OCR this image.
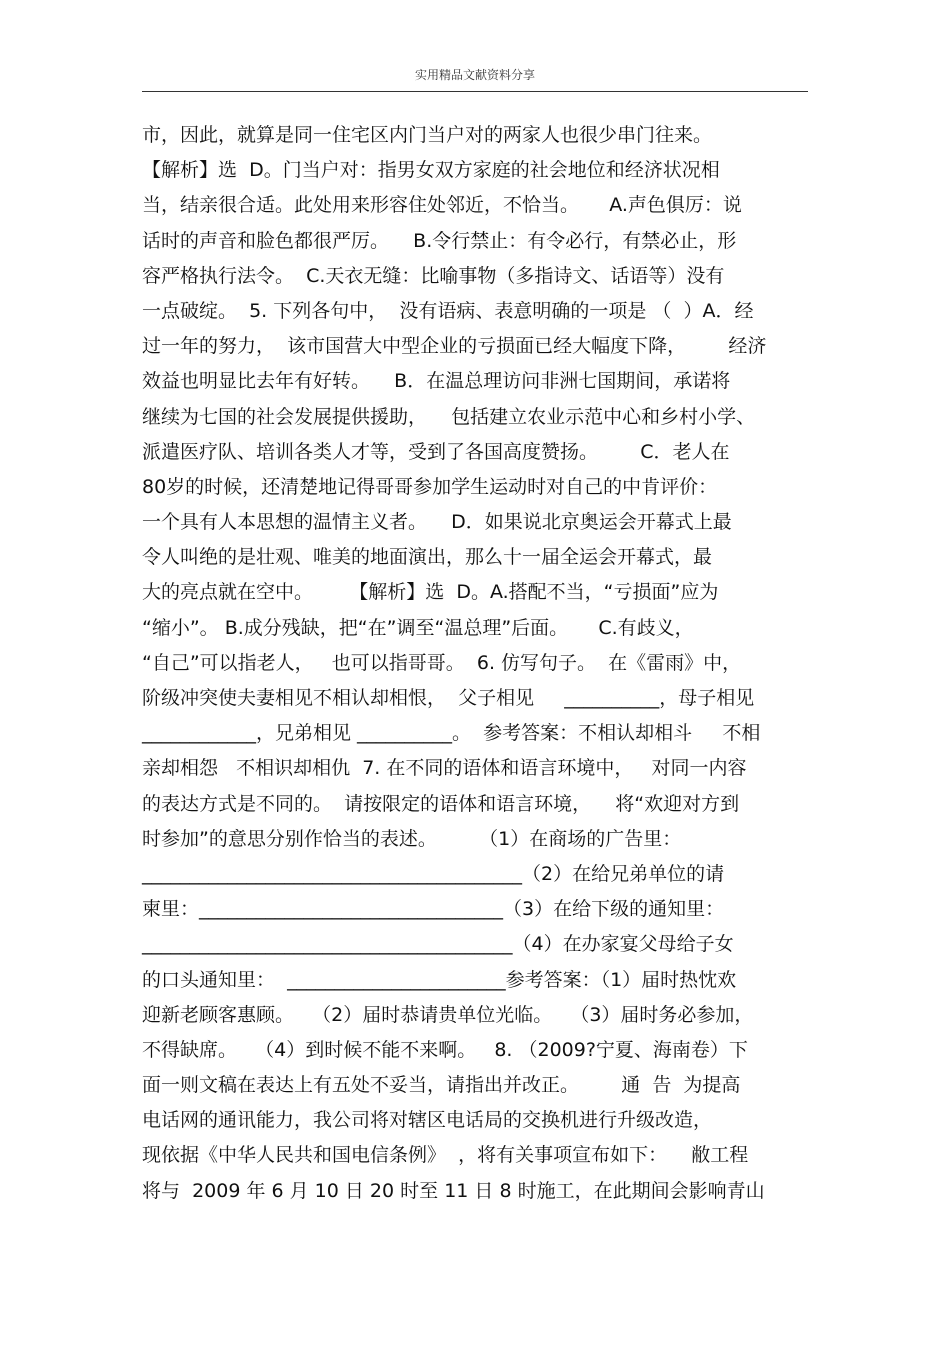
实用精品文献资料分享
市，因此，就算是同一住宅区内门当户对的两家人也很少串门往来。
【解析】选  D。门当户对：指男女双方家庭的社会地位和经济状况相
当，结亲很合适。此处用来形容住处邻近，不恰当。     A.声色俱厉：说
话时的声音和脸色都很严厉。    B.令行禁止：有令必行，有禁必止，形
容严格执行法令。  C.天衣无缝：比喻事物（多指诗文、话语等）没有
一点破绽。  5. 下列各句中，  没有语病、表意明确的一项是 （  ）A．经
过一年的努力，  该市国营大中型企业的亏损面已经大幅度下降，       经济
效益也明显比去年有好转。    B．在温总理访问非洲七国期间，承诺将
继续为七国的社会发展提供援助，    包括建立农业示范中心和乡村小学、
派遣医疗队、培训各类人才等，受到了各国高度赞扬。       C．老人在
80岁的时候，还清楚地记得哥哥参加学生运动时对自己的中肯评价：
一个具有人本思想的温情主义者。    D．如果说北京奥运会开幕式上最
令人叫绝的是壮观、唯美的地面演出，那么十一届全运会开幕式，最
大的亮点就在空中。      【解析】选  D。A.搭配不当，“亏损面”应为
“缩小”。 B.成分残缺，把“在”调至“温总理”后面。     C.有歧义，
“自己”可以指老人，   也可以指哥哥。  6. 仿写句子。  在《雷雨》中，
阶级冲突使夫妻相见不相认却相恨，  父子相见     __________，母子相见
____________，兄弟相见 __________。  参考答案：不相认却相斗     不相
亲却相怨   不相识却相仇  7. 在不同的语体和语言环境中，   对同一内容
的表达方式是不同的。  请按限定的语体和语言环境，    将“欢迎对方到
时参加”的意思分别作恰当的表述。       （1）在商场的广告里：
________________________________________（2）在给兄弟单位的请
柬里：________________________________（3）在给下级的通知里：
_______________________________________（4）在办家宴父母给子女
的口头通知里：  _______________________参考答案：（1）届时热忱欢
迎新老顾客惠顾。   （2）届时恭请贵单位光临。   （3）届时务必参加，
不得缺席。   （4）到时候不能不来啊。   8. （2009?宁夏、海南卷）下
面一则文稿在表达上有五处不妥当，请指出并改正。       通  告  为提高
电话网的通讯能力，我公司将对辖区电话局的交换机进行升级改造，
现依据《中华人民共和国电信条例》  ，将有关事项宣布如下：    敝工程
将与  2009 年 6 月 10 日 20 时至 11 日 8 时施工，在此期间会影响青山
